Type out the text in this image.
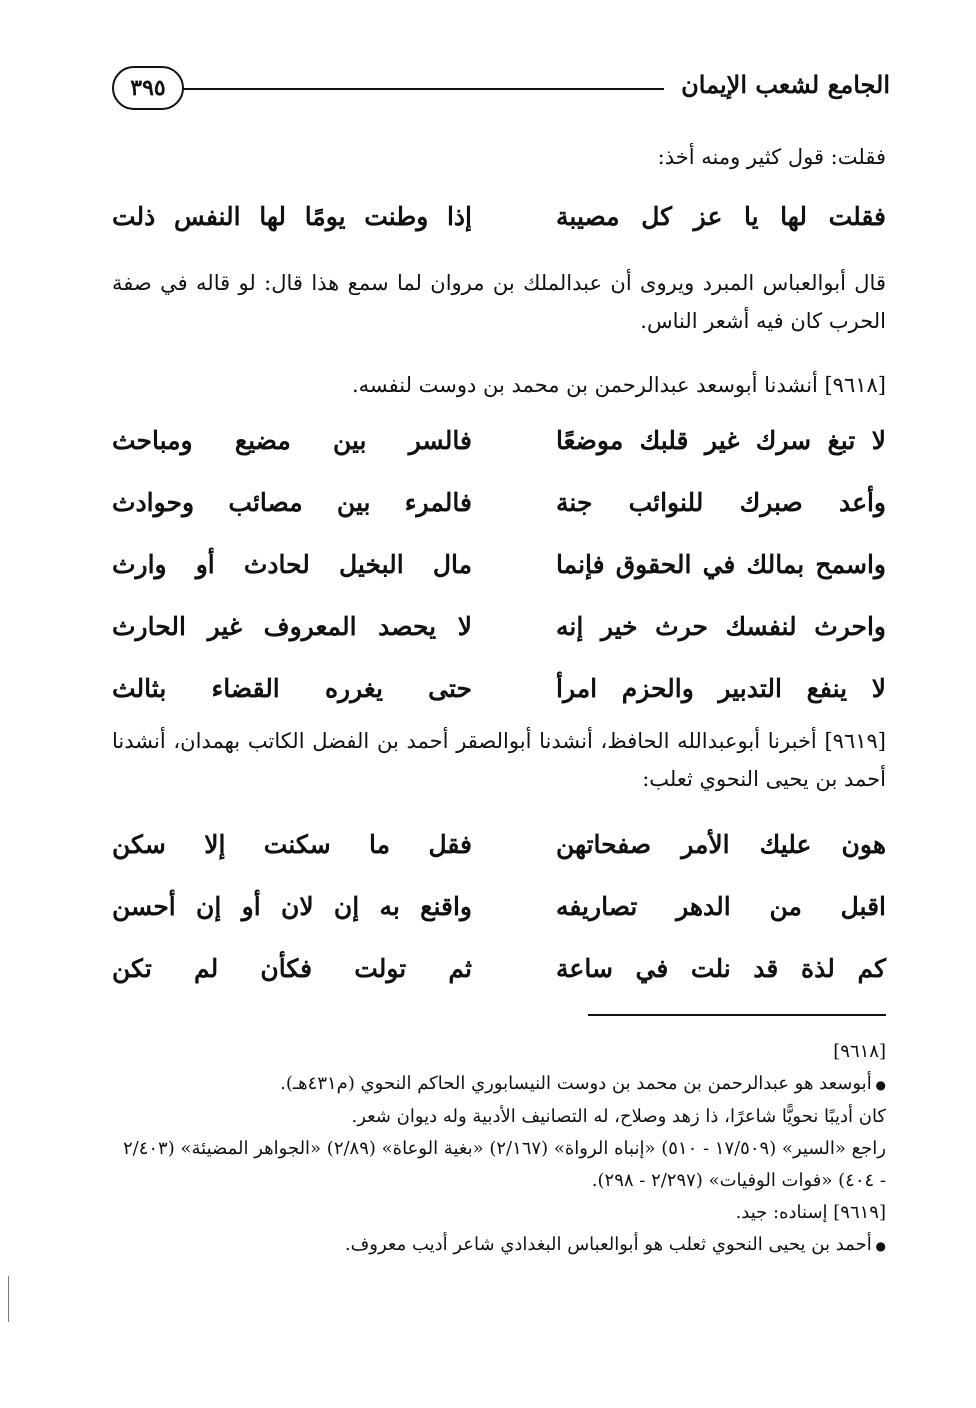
الجامع لشعب الإيمان
٣٩٥
فقلت: قول كثير ومنه أخذ:
فقلت لها يا عز كل مصيبة
إذا وطنت يومًا لها النفس ذلت
قال أبوالعباس المبرد ويروى أن عبدالملك بن مروان لما سمع هذا قال: لو قاله في صفة الحرب كان فيه أشعر الناس.
[٩٦١٨] أنشدنا أبوسعد عبدالرحمن بن محمد بن دوست لنفسه.
لا تبغ سرك غير قلبك موضعًا
فالسر بين مضيع ومباحث
وأعد صبرك للنوائب جنة
فالمرء بين مصائب وحوادث
واسمح بمالك في الحقوق فإنما
مال البخيل لحادث أو وارث
واحرث لنفسك حرث خير إنه
لا يحصد المعروف غير الحارث
لا ينفع التدبير والحزم امرأ
حتى يغرره القضاء بثالث
[٩٦١٩] أخبرنا أبوعبدالله الحافظ، أنشدنا أبوالصقر أحمد بن الفضل الكاتب بهمدان، أنشدنا أحمد بن يحيى النحوي ثعلب:
هون عليك الأمر صفحاتهن
فقل ما سكنت إلا سكن
اقبل من الدهر تصاريفه
واقنع به إن لان أو إن أحسن
كم لذة قد نلت في ساعة
ثم تولت فكأن لم تكن
[٩٦١٨]
● أبوسعد هو عبدالرحمن بن محمد بن دوست النيسابوري الحاكم النحوي (م٤٣١هـ).
كان أديبًا نحويًّا شاعرًا، ذا زهد وصلاح، له التصانيف الأدبية وله ديوان شعر.
راجع «السير» (١٧/٥٠٩ - ٥١٠) «إنباه الرواة» (٢/١٦٧) «بغية الوعاة» (٢/٨٩) «الجواهر المضيئة» (٢/٤٠٣ - ٤٠٤) «فوات الوفيات» (٢/٢٩٧ - ٢٩٨).
[٩٦١٩] إسناده: جيد.
● أحمد بن يحيى النحوي ثعلب هو أبوالعباس البغدادي شاعر أديب معروف.
